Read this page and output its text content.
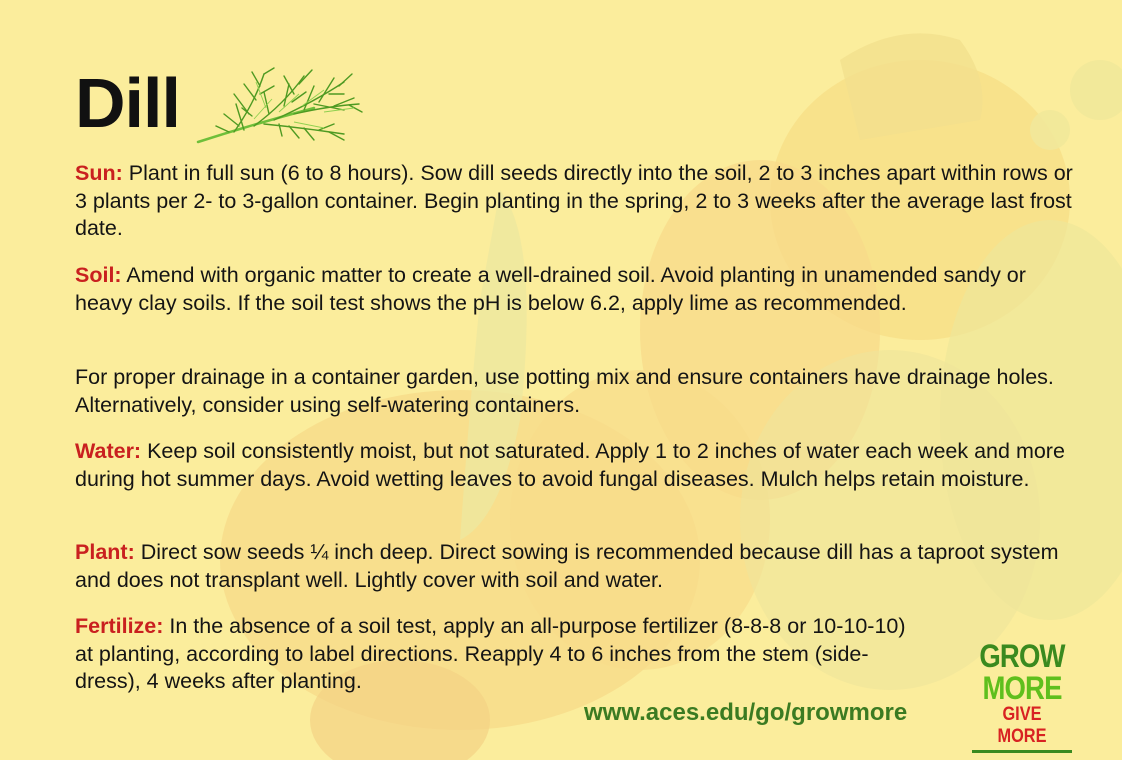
Dill
Sun: Plant in full sun (6 to 8 hours). Sow dill seeds directly into the soil, 2 to 3 inches apart within rows or 3 plants per 2- to 3-gallon container. Begin planting in the spring, 2 to 3 weeks after the average last frost date.
Soil: Amend with organic matter to create a well-drained soil. Avoid planting in unamended sandy or heavy clay soils. If the soil test shows the pH is below 6.2, apply lime as recommended.
For proper drainage in a container garden, use potting mix and ensure containers have drainage holes. Alternatively, consider using self-watering containers.
Water: Keep soil consistently moist, but not saturated. Apply 1 to 2 inches of water each week and more during hot summer days. Avoid wetting leaves to avoid fungal diseases. Mulch helps retain moisture.
Plant: Direct sow seeds ¼ inch deep. Direct sowing is recommended because dill has a taproot system and does not transplant well. Lightly cover with soil and water.
Fertilize: In the absence of a soil test, apply an all-purpose fertilizer (8-8-8 or 10-10-10) at planting, according to label directions. Reapply 4 to 6 inches from the stem (side-dress), 4 weeks after planting.
www.aces.edu/go/growmore
GROW
MORE
GIVE MORE
